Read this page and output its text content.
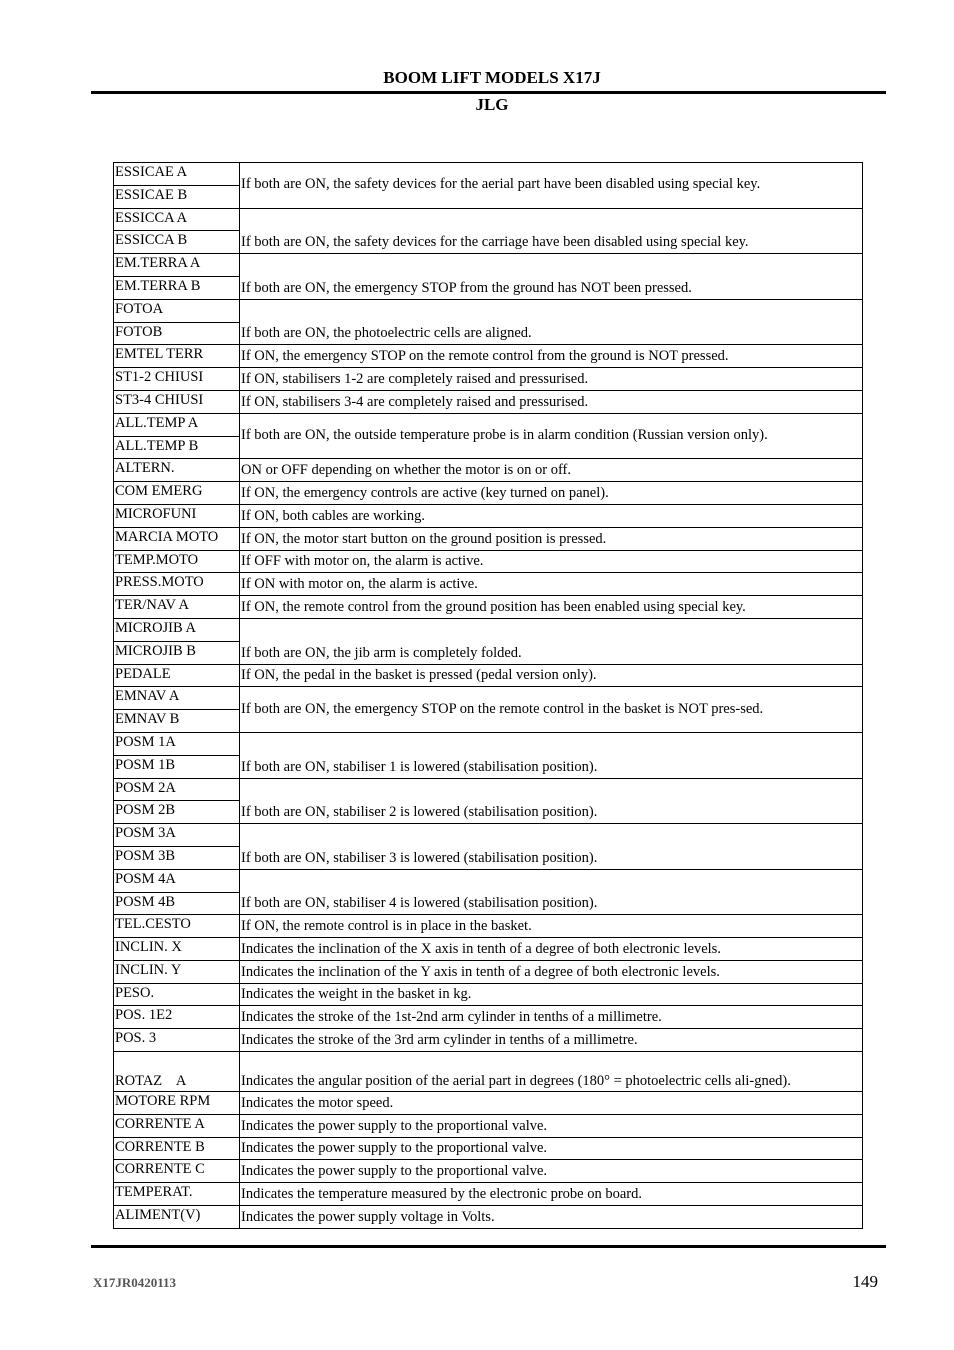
BOOM LIFT MODELS X17J
JLG
ESSICAE A	If both are ON, the safety devices for the aerial part have been disabled using special key.
ESSICAE B	
ESSICCA A	If both are ON, the safety devices for the carriage have been disabled using special key.
ESSICCA B	
EM.TERRA A	If both are ON, the emergency STOP from the ground has NOT been pressed.
EM.TERRA B	
FOTOA	If both are ON, the photoelectric cells are aligned.
FOTOB	
EMTEL TERR	If ON, the emergency STOP on the remote control from the ground is NOT pressed.
ST1-2 CHIUSI	If ON, stabilisers 1-2 are completely raised and pressurised.
ST3-4 CHIUSI	If ON, stabilisers 3-4 are completely raised and pressurised.
ALL.TEMP A	If both are ON, the outside temperature probe is in alarm condition (Russian version only).
ALL.TEMP B	
ALTERN.	ON or OFF depending on whether the motor is on or off.
COM EMERG	If ON, the emergency controls are active (key turned on panel).
MICROFUNI	If ON, both cables are working.
MARCIA MOTO	If ON, the motor start button on the ground position is pressed.
TEMP.MOTO	If OFF with motor on, the alarm is active.
PRESS.MOTO	If ON with motor on, the alarm is active.
TER/NAV A	If ON, the remote control from the ground position has been enabled using special key.
MICROJIB A	If both are ON, the jib arm is completely folded.
MICROJIB B	
PEDALE	If ON, the pedal in the basket is pressed (pedal version only).
EMNAV A	If both are ON, the emergency STOP on the remote control in the basket is NOT pres-sed.
EMNAV B	
POSM 1A	If both are ON, stabiliser 1 is lowered (stabilisation position).
POSM 1B	
POSM 2A	If both are ON, stabiliser 2 is lowered (stabilisation position).
POSM 2B	
POSM 3A	If both are ON, stabiliser 3 is lowered (stabilisation position).
POSM 3B	
POSM 4A	If both are ON, stabiliser 4 is lowered (stabilisation position).
POSM 4B	
TEL.CESTO	If ON, the remote control is in place in the basket.
INCLIN. X	Indicates the inclination of the X axis in tenth of a degree of both electronic levels.
INCLIN. Y	Indicates the inclination of the Y axis in tenth of a degree of both electronic levels.
PESO.	Indicates the weight in the basket in kg.
POS. 1E2	Indicates the stroke of the 1st-2nd arm cylinder in tenths of a millimetre.
POS. 3	Indicates the stroke of the 3rd arm cylinder in tenths of a millimetre.
ROTAZ    A	Indicates the angular position of the aerial part in degrees (180° = photoelectric cells ali-gned).
MOTORE RPM	Indicates the motor speed.
CORRENTE A	Indicates the power supply to the proportional valve.
CORRENTE B	Indicates the power supply to the proportional valve.
CORRENTE C	Indicates the power supply to the proportional valve.
TEMPERAT.	Indicates the temperature measured by the electronic probe on board.
ALIMENT(V)	Indicates the power supply voltage in Volts.
X17JR0420113	149
